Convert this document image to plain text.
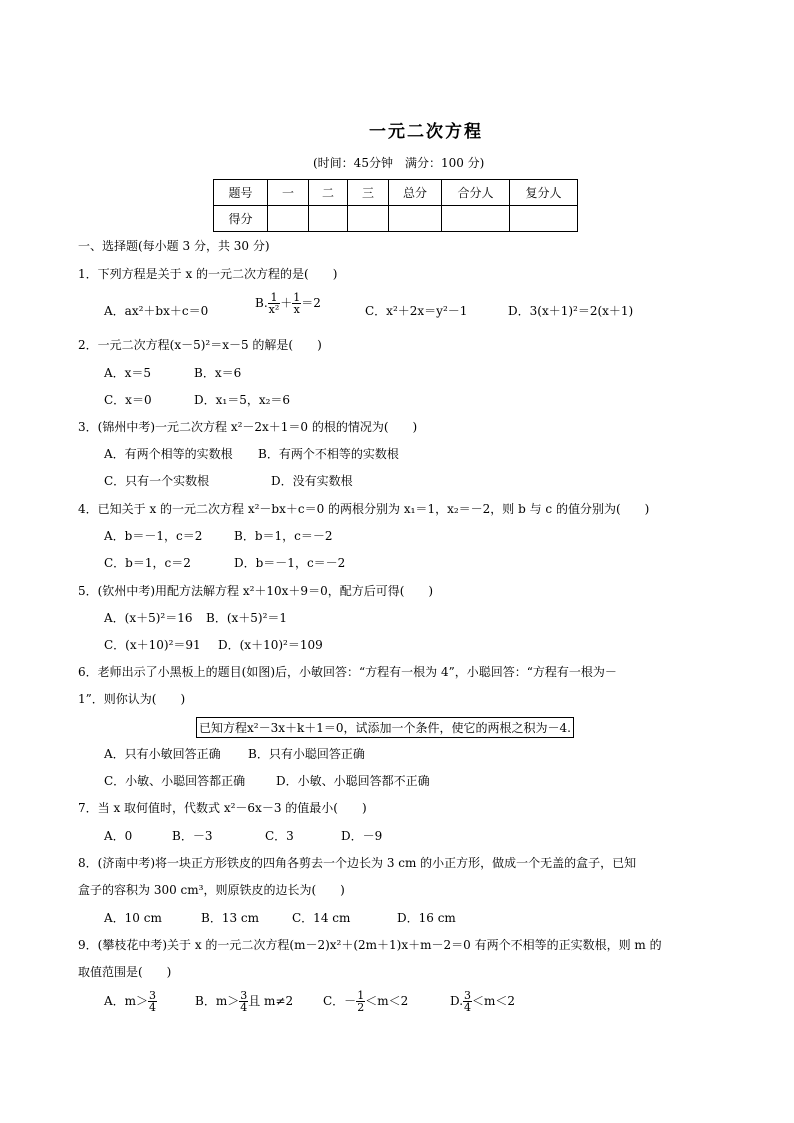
一元二次方程
(时间：45分钟　满分：100 分)
题号	一	二	三	总分	合分人	复分人
得分						
一、选择题(每小题 3 分，共 30 分)
1．下列方程是关于 x 的一元二次方程的是(　　)
A．ax²＋bx＋c＝0
B. $\frac{1}{\text{x²}} + \frac{1}{x} =2$
C．x²＋2x＝y²－1	D．3(x＋1)²＝2(x＋1)
2．一元二次方程(x－5)²＝x－5 的解是(　　)
A．x＝5	B．x＝6
C．x＝0	D．x₁＝5，x₂＝6
3．(锦州中考)一元二次方程 x²－2x＋1＝0 的根的情况为(　　)
A．有两个相等的实数根 B．有两个不相等的实数根
C．只有一个实数根	D．没有实数根
4．已知关于 x 的一元二次方程 x²－bx＋c＝0 的两根分别为 x₁＝1，x₂＝－2，则 b 与 c 的值分别为(　　)
A．b＝－1，c＝2	B．b＝1，c＝－2
C．b＝1，c＝2	D．b＝－1，c＝－2
5．(钦州中考)用配方法解方程 x²＋10x＋9＝0，配方后可得(　　)
A．(x＋5)²＝16 B．(x＋5)²＝1
C．(x＋10)²＝91 D．(x＋10)²＝109
6．老师出示了小黑板上的题目(如图)后，小敏回答：“方程有一根为 4”，小聪回答：“方程有一根为－
1”．则你认为(　　)
已知方程x²－3x＋k＋1＝0，试添加一个条件，使它的两根之积为－4.
A．只有小敏回答正确 B．只有小聪回答正确
C．小敏、小聪回答都正确	D．小敏、小聪回答都不正确
7．当 x 取何值时，代数式 x²－6x－3 的值最小(　　)
A．0	B．－3	C．3	D．－9
8．(济南中考)将一块正方形铁皮的四角各剪去一个边长为 3 cm 的小正方形，做成一个无盖的盒子，已知
盒子的容积为 300 cm³，则原铁皮的边长为(　　)
A．10 cm	B．13 cm	C．14 cm	D．16 cm
9．(攀枝花中考)关于 x 的一元二次方程(m－2)x²＋(2m＋1)x＋m－2＝0 有两个不相等的正实数根，则 m 的
取值范围是(　　)
A．$m> \frac{3}{4}$	B．$m> \frac{3}{4}$ 且 m≠2 C．－ $\frac{1}{2} <m<2$	D. $\frac{3}{4} <m<2$
